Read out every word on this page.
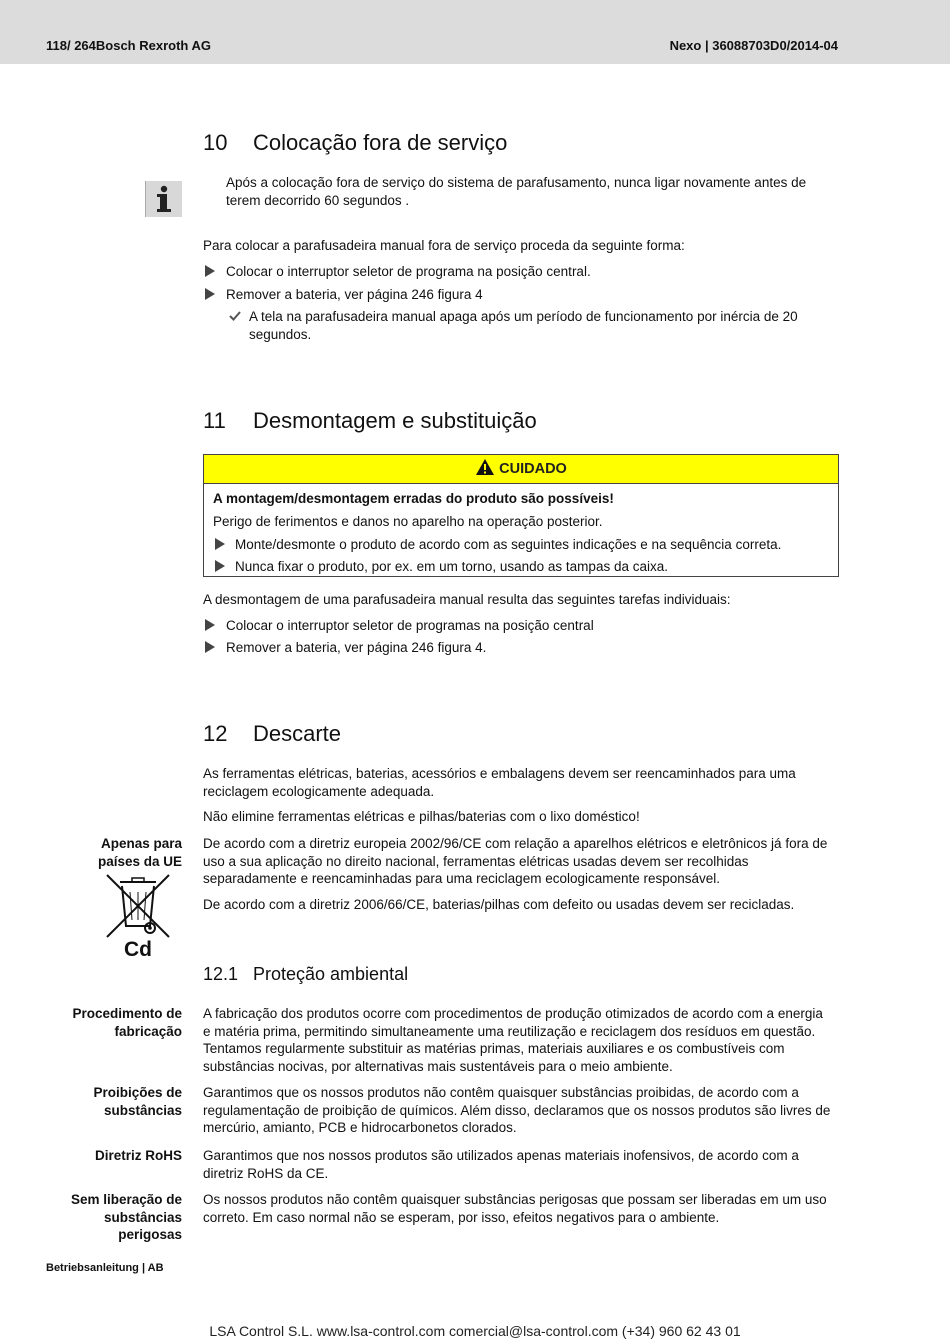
118/ 264Bosch Rexroth AG	Nexo | 36088703D0/2014-04
10 Colocação fora de serviço
Após a colocação fora de serviço do sistema de parafusamento, nunca ligar novamente antes de
terem decorrido 60 segundos .
Para colocar a parafusadeira manual fora de serviço proceda da seguinte forma:
Colocar o interruptor seletor de programa na posição central.
Remover a bateria, ver página 246 figura 4
A tela na parafusadeira manual apaga após um período de funcionamento por inércia de 20
segundos.
11 Desmontagem e substituição
CUIDADO
A montagem/desmontagem erradas do produto são possíveis!
Perigo de ferimentos e danos no aparelho na operação posterior.
Monte/desmonte o produto de acordo com as seguintes indicações e na sequência correta.
Nunca fixar o produto, por ex. em um torno, usando as tampas da caixa.
A desmontagem de uma parafusadeira manual resulta das seguintes tarefas individuais:
Colocar o interruptor seletor de programas na posição central
Remover a bateria, ver página 246 figura 4.
12 Descarte
As ferramentas elétricas, baterias, acessórios e embalagens devem ser reencaminhados para uma
reciclagem ecologicamente adequada.
Não elimine ferramentas elétricas e pilhas/baterias com o lixo doméstico!
Apenas para
países da UE
De acordo com a diretriz europeia 2002/96/CE com relação a aparelhos elétricos e eletrônicos já fora de
uso a sua aplicação no direito nacional, ferramentas elétricas usadas devem ser recolhidas
separadamente e reencaminhadas para uma reciclagem ecologicamente responsável.
De acordo com a diretriz 2006/66/CE, baterias/pilhas com defeito ou usadas devem ser recicladas.
Cd
12.1 Proteção ambiental
Procedimento de
fabricação
A fabricação dos produtos ocorre com procedimentos de produção otimizados de acordo com a energia
e matéria prima, permitindo simultaneamente uma reutilização e reciclagem dos resíduos em questão.
Tentamos regularmente substituir as matérias primas, materiais auxiliares e os combustíveis com
substâncias nocivas, por alternativas mais sustentáveis para o meio ambiente.
Proibições de
substâncias
Garantimos que os nossos produtos não contêm quaisquer substâncias proibidas, de acordo com a
regulamentação de proibição de químicos. Além disso, declaramos que os nossos produtos são livres de
mercúrio, amianto, PCB e hidrocarbonetos clorados.
Diretriz RoHS Garantimos que nos nossos produtos são utilizados apenas materiais inofensivos, de acordo com a
diretriz RoHS da CE.
Sem liberação de
substâncias
perigosas
Os nossos produtos não contêm quaisquer substâncias perigosas que possam ser liberadas em um uso
correto. Em caso normal não se esperam, por isso, efeitos negativos para o ambiente.
Betriebsanleitung | AB
LSA Control S.L. www.lsa-control.com comercial@lsa-control.com (+34) 960 62 43 01
